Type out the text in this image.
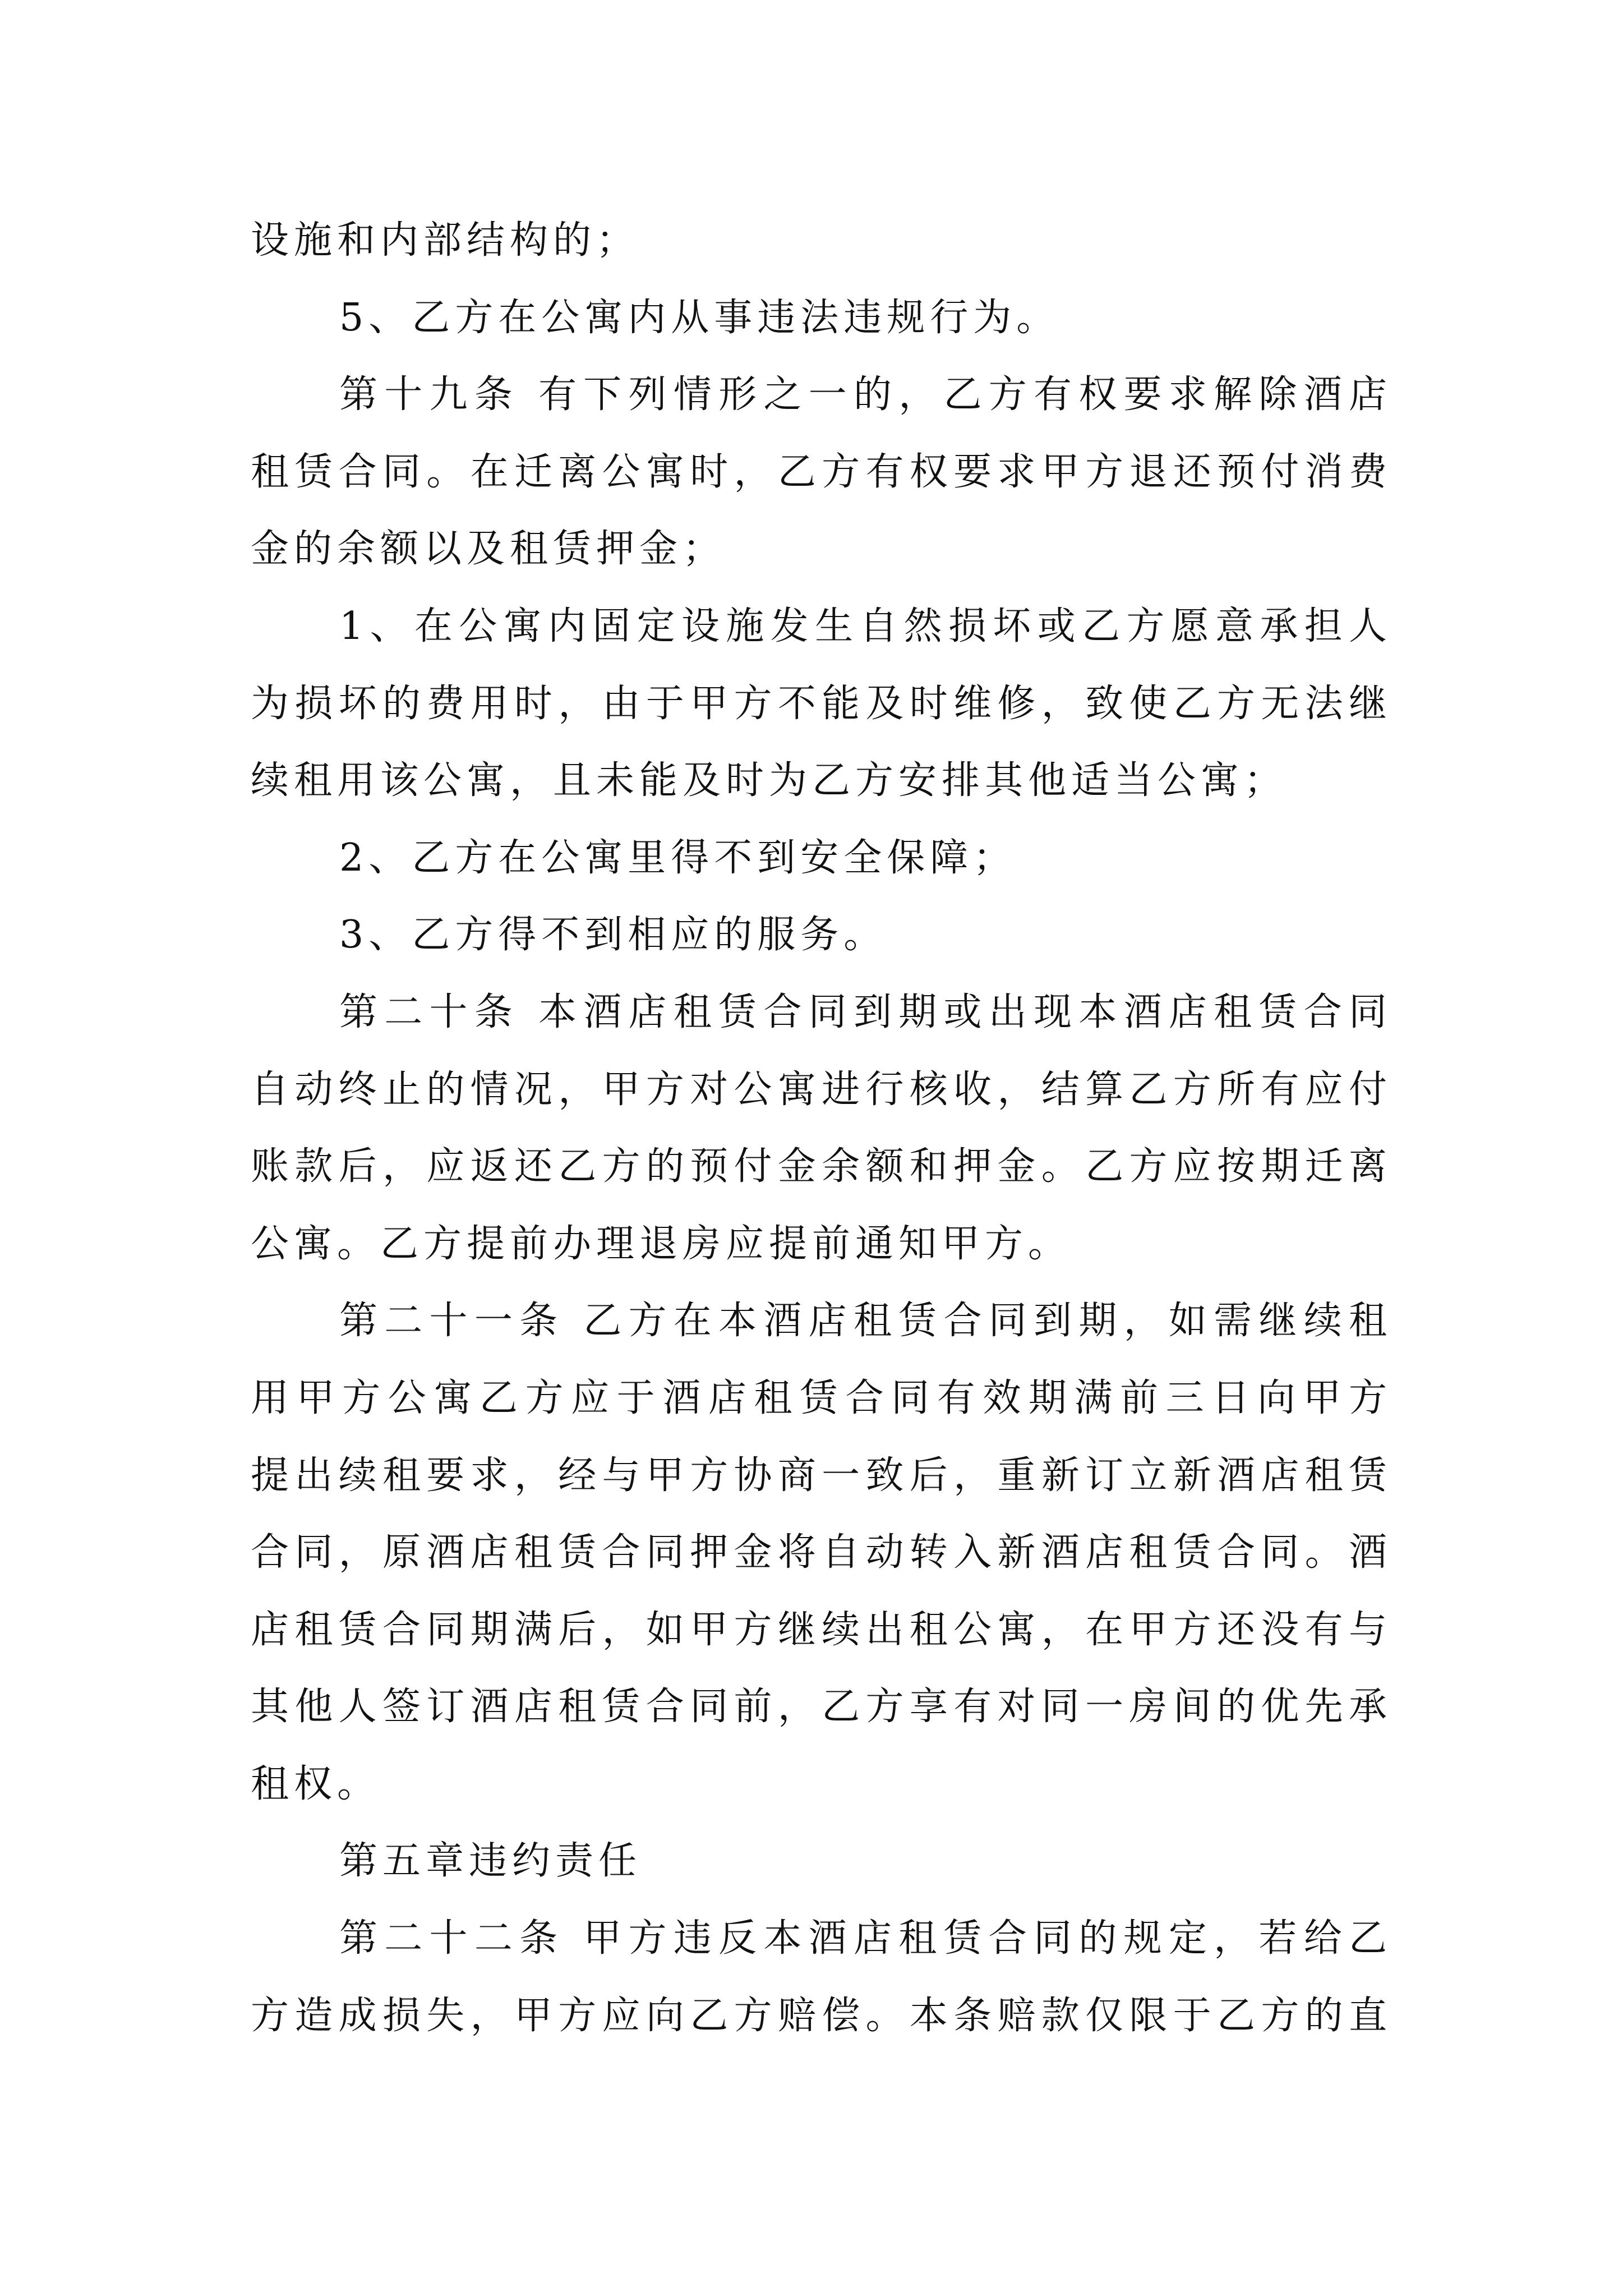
设施和内部结构的；
5、乙方在公寓内从事违法违规行为。
第十九条 有下列情形之一的，乙方有权要求解除酒店
租赁合同。在迁离公寓时，乙方有权要求甲方退还预付消费
金的余额以及租赁押金；
1、在公寓内固定设施发生自然损坏或乙方愿意承担人
为损坏的费用时，由于甲方不能及时维修，致使乙方无法继
续租用该公寓，且未能及时为乙方安排其他适当公寓；
2、乙方在公寓里得不到安全保障；
3、乙方得不到相应的服务。
第二十条 本酒店租赁合同到期或出现本酒店租赁合同
自动终止的情况，甲方对公寓进行核收，结算乙方所有应付
账款后，应返还乙方的预付金余额和押金。乙方应按期迁离
公寓。乙方提前办理退房应提前通知甲方。
第二十一条 乙方在本酒店租赁合同到期，如需继续租
用甲方公寓乙方应于酒店租赁合同有效期满前三日向甲方
提出续租要求，经与甲方协商一致后，重新订立新酒店租赁
合同，原酒店租赁合同押金将自动转入新酒店租赁合同。酒
店租赁合同期满后，如甲方继续出租公寓，在甲方还没有与
其他人签订酒店租赁合同前，乙方享有对同一房间的优先承
租权。
第五章违约责任
第二十二条 甲方违反本酒店租赁合同的规定，若给乙
方造成损失，甲方应向乙方赔偿。本条赔款仅限于乙方的直
